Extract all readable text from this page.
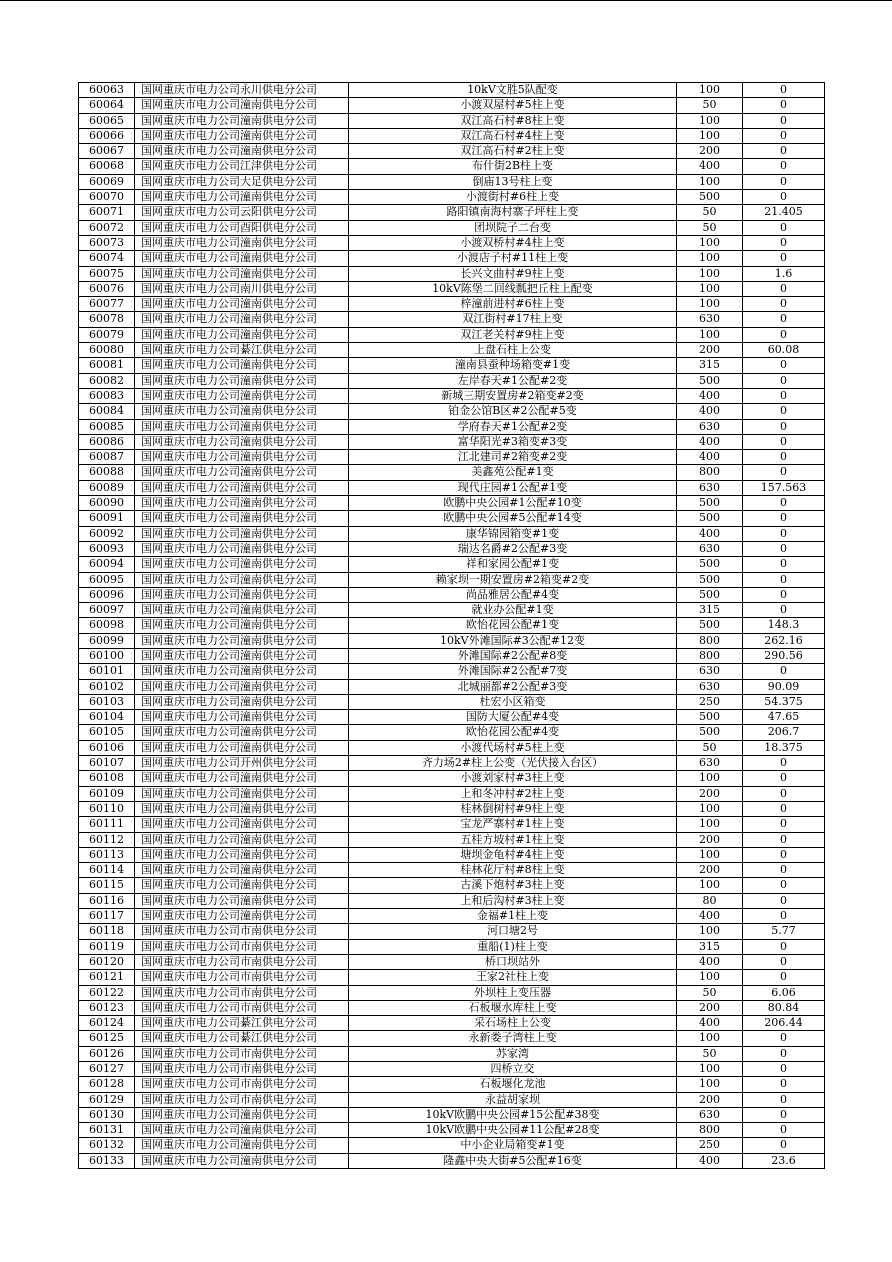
60063	国网重庆市电力公司永川供电分公司	10kV文胜5队配变	100	0
60064	国网重庆市电力公司潼南供电分公司	小渡双屋村#5柱上变	50	0
60065	国网重庆市电力公司潼南供电分公司	双江高石村#8柱上变	100	0
60066	国网重庆市电力公司潼南供电分公司	双江高石村#4柱上变	100	0
60067	国网重庆市电力公司潼南供电分公司	双江高石村#2柱上变	200	0
60068	国网重庆市电力公司江津供电分公司	布什街2B柱上变	400	0
60069	国网重庆市电力公司大足供电分公司	倒庙13号柱上变	100	0
60070	国网重庆市电力公司潼南供电分公司	小渡街村#6柱上变	500	0
60071	国网重庆市电力公司云阳供电分公司	路阳镇南海村寨子坪柱上变	50	21.405
60072	国网重庆市电力公司酉阳供电分公司	团坝院子二台变	50	0
60073	国网重庆市电力公司潼南供电分公司	小渡双桥村#4柱上变	100	0
60074	国网重庆市电力公司潼南供电分公司	小渡店子村#11柱上变	100	0
60075	国网重庆市电力公司潼南供电分公司	长兴文曲村#9柱上变	100	1.6
60076	国网重庆市电力公司南川供电分公司	10kV陈堡二回线瓢把丘柱上配变	100	0
60077	国网重庆市电力公司潼南供电分公司	梓潼前进村#6柱上变	100	0
60078	国网重庆市电力公司潼南供电分公司	双江街村#17柱上变	630	0
60079	国网重庆市电力公司潼南供电分公司	双江老关村#9柱上变	100	0
60080	国网重庆市电力公司綦江供电分公司	上盘石柱上公变	200	60.08
60081	国网重庆市电力公司潼南供电分公司	潼南县蚕种场箱变#1变	315	0
60082	国网重庆市电力公司潼南供电分公司	左岸春天#1公配#2变	500	0
60083	国网重庆市电力公司潼南供电分公司	新城三期安置房#2箱变#2变	400	0
60084	国网重庆市电力公司潼南供电分公司	铂金公馆B区#2公配#5变	400	0
60085	国网重庆市电力公司潼南供电分公司	学府春天#1公配#2变	630	0
60086	国网重庆市电力公司潼南供电分公司	富华阳光#3箱变#3变	400	0
60087	国网重庆市电力公司潼南供电分公司	江北建司#2箱变#2变	400	0
60088	国网重庆市电力公司潼南供电分公司	美鑫苑公配#1变	800	0
60089	国网重庆市电力公司潼南供电分公司	现代庄园#1公配#1变	630	157.563
60090	国网重庆市电力公司潼南供电分公司	欧鹏中央公园#1公配#10变	500	0
60091	国网重庆市电力公司潼南供电分公司	欧鹏中央公园#5公配#14变	500	0
60092	国网重庆市电力公司潼南供电分公司	康华锦园箱变#1变	400	0
60093	国网重庆市电力公司潼南供电分公司	瑞达名爵#2公配#3变	630	0
60094	国网重庆市电力公司潼南供电分公司	祥和家园公配#1变	500	0
60095	国网重庆市电力公司潼南供电分公司	赖家坝一期安置房#2箱变#2变	500	0
60096	国网重庆市电力公司潼南供电分公司	尚品雅居公配#4变	500	0
60097	国网重庆市电力公司潼南供电分公司	就业办公配#1变	315	0
60098	国网重庆市电力公司潼南供电分公司	欧怡花园公配#1变	500	148.3
60099	国网重庆市电力公司潼南供电分公司	10kV外滩国际#3公配#12变	800	262.16
60100	国网重庆市电力公司潼南供电分公司	外滩国际#2公配#8变	800	290.56
60101	国网重庆市电力公司潼南供电分公司	外滩国际#2公配#7变	630	0
60102	国网重庆市电力公司潼南供电分公司	北城丽都#2公配#3变	630	90.09
60103	国网重庆市电力公司潼南供电分公司	杜宏小区箱变	250	54.375
60104	国网重庆市电力公司潼南供电分公司	国防大厦公配#4变	500	47.65
60105	国网重庆市电力公司潼南供电分公司	欧怡花园公配#4变	500	206.7
60106	国网重庆市电力公司潼南供电分公司	小渡代场村#5柱上变	50	18.375
60107	国网重庆市电力公司开州供电分公司	齐力场2#柱上公变（光伏接入台区）	630	0
60108	国网重庆市电力公司潼南供电分公司	小渡刘家村#3柱上变	100	0
60109	国网重庆市电力公司潼南供电分公司	上和冬冲村#2柱上变	200	0
60110	国网重庆市电力公司潼南供电分公司	桂林倒树村#9柱上变	100	0
60111	国网重庆市电力公司潼南供电分公司	宝龙严寨村#1柱上变	100	0
60112	国网重庆市电力公司潼南供电分公司	五桂方坡村#1柱上变	200	0
60113	国网重庆市电力公司潼南供电分公司	塘坝金龟村#4柱上变	100	0
60114	国网重庆市电力公司潼南供电分公司	桂林花厅村#8柱上变	200	0
60115	国网重庆市电力公司潼南供电分公司	古溪下炮村#3柱上变	100	0
60116	国网重庆市电力公司潼南供电分公司	上和后沟村#3柱上变	80	0
60117	国网重庆市电力公司潼南供电分公司	金福#1柱上变	400	0
60118	国网重庆市电力公司市南供电分公司	河口塘2号	100	5.77
60119	国网重庆市电力公司市南供电分公司	重船(1)柱上变	315	0
60120	国网重庆市电力公司市南供电分公司	桥口坝站外	400	0
60121	国网重庆市电力公司市南供电分公司	王家2社柱上变	100	0
60122	国网重庆市电力公司市南供电分公司	外坝柱上变压器	50	6.06
60123	国网重庆市电力公司市南供电分公司	石板堰水库柱上变	200	80.84
60124	国网重庆市电力公司綦江供电分公司	采石场柱上公变	400	206.44
60125	国网重庆市电力公司綦江供电分公司	永新娄子湾柱上变	100	0
60126	国网重庆市电力公司市南供电分公司	苏家湾	50	0
60127	国网重庆市电力公司市南供电分公司	四桥立交	100	0
60128	国网重庆市电力公司市南供电分公司	石板堰化龙池	100	0
60129	国网重庆市电力公司市南供电分公司	永益胡家坝	200	0
60130	国网重庆市电力公司潼南供电分公司	10kV欧鹏中央公园#15公配#38变	630	0
60131	国网重庆市电力公司潼南供电分公司	10kV欧鹏中央公园#11公配#28变	800	0
60132	国网重庆市电力公司潼南供电分公司	中小企业局箱变#1变	250	0
60133	国网重庆市电力公司潼南供电分公司	隆鑫中央大街#5公配#16变	400	23.6
